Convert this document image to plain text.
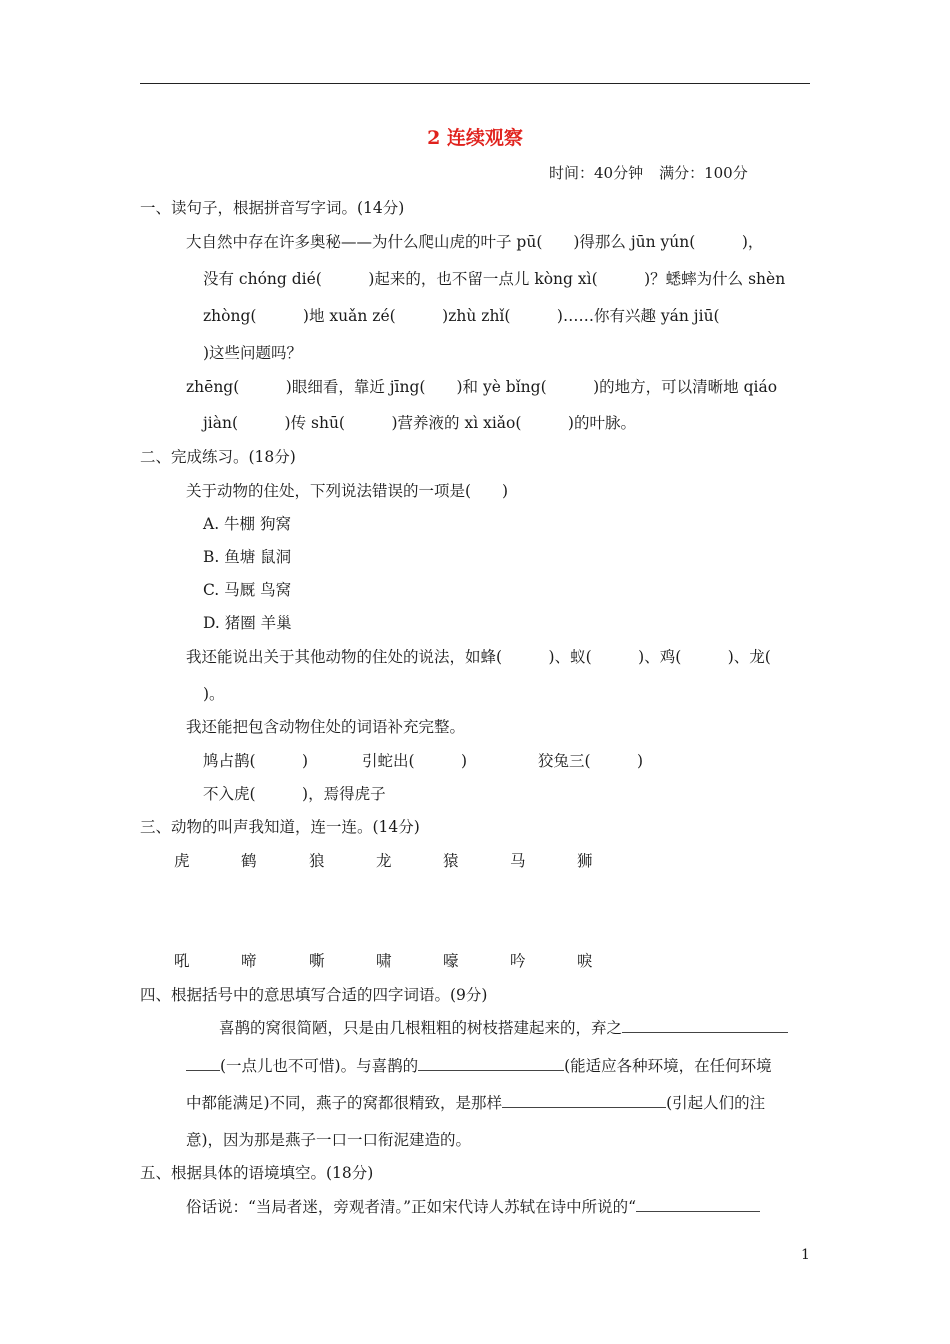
2 连续观察
时间：40分钟 满分：100分
一、读句子，根据拼音写字词。(14分)
大自然中存在许多奥秘——为什么爬山虎的叶子 pū(　　)得那么 jūn yún(　　　)，
没有 chóng dié(　　　)起来的，也不留一点儿 kòng xì(　　　)？蟋蟀为什么 shèn
zhòng(　　　)地 xuǎn zé(　　　)zhù zhǐ(　　　)……你有兴趣 yán jiū(
)这些问题吗？
zhēng(　　　)眼细看，靠近 jīng(　　)和 yè bǐng(　　　)的地方，可以清晰地 qiáo
jiàn(　　　)传 shū(　　　)营养液的 xì xiǎo(　　　)的叶脉。
二、完成练习。(18分)
关于动物的住处，下列说法错误的一项是(　　)
A. 牛棚 狗窝
B. 鱼塘 鼠洞
C. 马厩 鸟窝
D. 猪圈 羊巢
我还能说出关于其他动物的住处的说法，如蜂(　　　)、蚁(　　　)、鸡(　　　)、龙(
)。
我还能把包含动物住处的词语补充完整。
鸠占鹊(　　　)	引蛇出(　　　)	狡兔三(　　　)
不入虎(　　　)，焉得虎子
三、动物的叫声我知道，连一连。(14分)
虎	鹤	狼	龙	猿	马	狮
吼	啼	嘶	啸	嚎	吟	唳
四、根据括号中的意思填写合适的四字词语。(9分)
喜鹊的窝很简陋，只是由几根粗粗的树枝搭建起来的，弃之
(一点儿也不可惜)。与喜鹊的	(能适应各种环境，在任何环境
中都能满足)不同，燕子的窝都很精致，是那样	(引起人们的注
意)，因为那是燕子一口一口衔泥建造的。
五、根据具体的语境填空。(18分)
俗话说：“当局者迷，旁观者清。”正如宋代诗人苏轼在诗中所说的“
1
